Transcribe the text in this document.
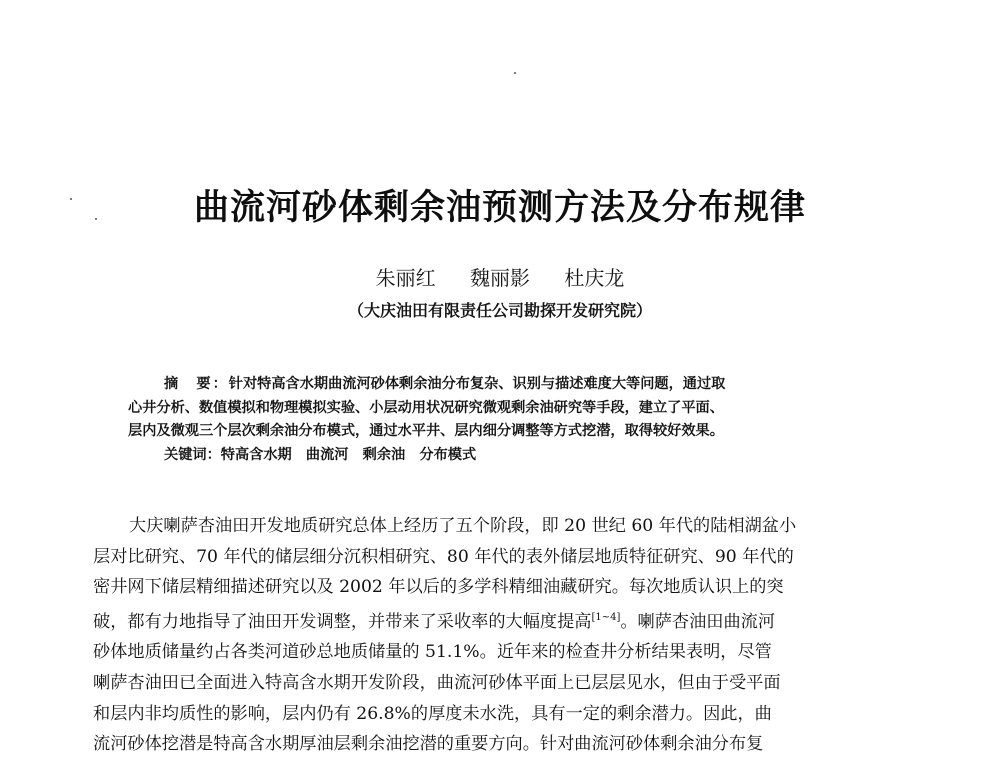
曲流河砂体剩余油预测方法及分布规律
朱丽红 魏丽影 杜庆龙
（大庆油田有限责任公司勘探开发研究院）
摘　要：针对特高含水期曲流河砂体剩余油分布复杂、识别与描述难度大等问题，通过取
心井分析、数值模拟和物理模拟实验、小层动用状况研究微观剩余油研究等手段，建立了平面、
层内及微观三个层次剩余油分布模式，通过水平井、层内细分调整等方式挖潜，取得较好效果。
关键词：特高含水期　曲流河　剩余油　分布模式
大庆喇萨杏油田开发地质研究总体上经历了五个阶段，即 20 世纪 60 年代的陆相湖盆小
层对比研究、70 年代的储层细分沉积相研究、80 年代的表外储层地质特征研究、90 年代的
密井网下储层精细描述研究以及 2002 年以后的多学科精细油藏研究。每次地质认识上的突
破，都有力地指导了油田开发调整，并带来了采收率的大幅度提高[1~4]。喇萨杏油田曲流河
砂体地质储量约占各类河道砂总地质储量的 51.1%。近年来的检查井分析结果表明，尽管
喇萨杏油田已全面进入特高含水期开发阶段，曲流河砂体平面上已层层见水，但由于受平面
和层内非均质性的影响，层内仍有 26.8%的厚度未水洗，具有一定的剩余潜力。因此，曲
流河砂体挖潜是特高含水期厚油层剩余油挖潜的重要方向。针对曲流河砂体剩余油分布复
